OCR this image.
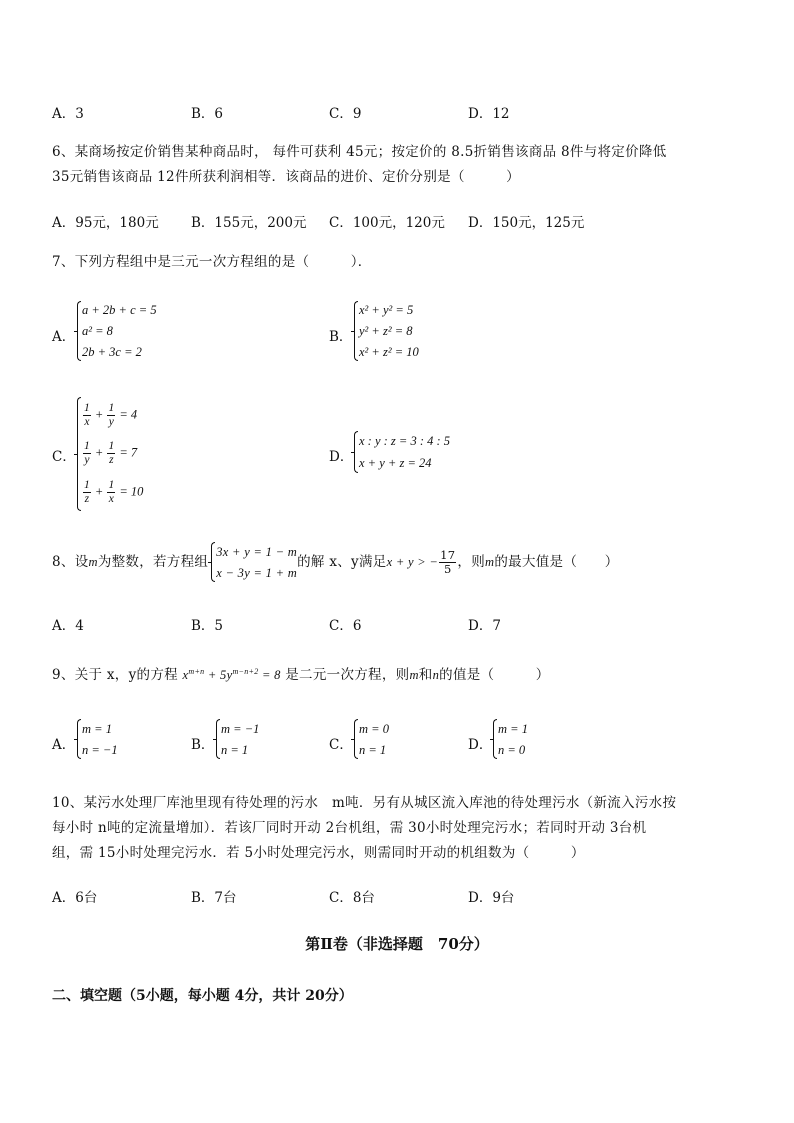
A．3	B．6	C．9	D．12
6、某商场按定价销售某种商品时， 每件可获利 45元；按定价的 8.5折销售该商品 8件与将定价降低
35元销售该商品 12件所获利润相等．该商品的进价、定价分别是（　　　）
A．95元，180元 B．155元，200元 C．100元，120元 D．150元，125元
7、下列方程组中是三元一次方程组的是（　　　）．
A．
a + 2b + c = 5
a² = 8
2b + 3c = 2
B．
x² + y² = 5
y² + z² = 8
x² + z² = 10
C．
$\frac{1}{x} + \frac{1}{y} = 4$
$\frac{1}{y} + \frac{1}{z} = 7$
$\frac{1}{z} + \frac{1}{x} = 10$
D．
x : y : z = 3 : 4 : 5
x + y + z = 24
8、设 m 为整数，若方程组
3x + y = 1 − m
x − 3y = 1 + m
的解 x、y满足 x + y > − $\frac{17}{5}$ ，则 m 的最大值是（　　）
A．4	B．5	C．6	D．7
9、关于 x，y的方程 $x^{m+n} + 5y^{m-n+2} = 8$ 是二元一次方程，则m和n的值是（　　　）
A．
m = 1
n = −1	B．
m = −1
n = 1	C．
m = 0
n = 1	D．
m = 1
n = 0
10、某污水处理厂库池里现有待处理的污水　m吨．另有从城区流入库池的待处理污水（新流入污水按
每小时 n吨的定流量增加）．若该厂同时开动 2台机组，需 30小时处理完污水；若同时开动 3台机
组，需 15小时处理完污水．若 5小时处理完污水，则需同时开动的机组数为（　　　）
A．6台	B．7台	C．8台	D．9台
第Ⅱ卷（非选择题　70分）
二、填空题（5小题，每小题 4分，共计 20分）
